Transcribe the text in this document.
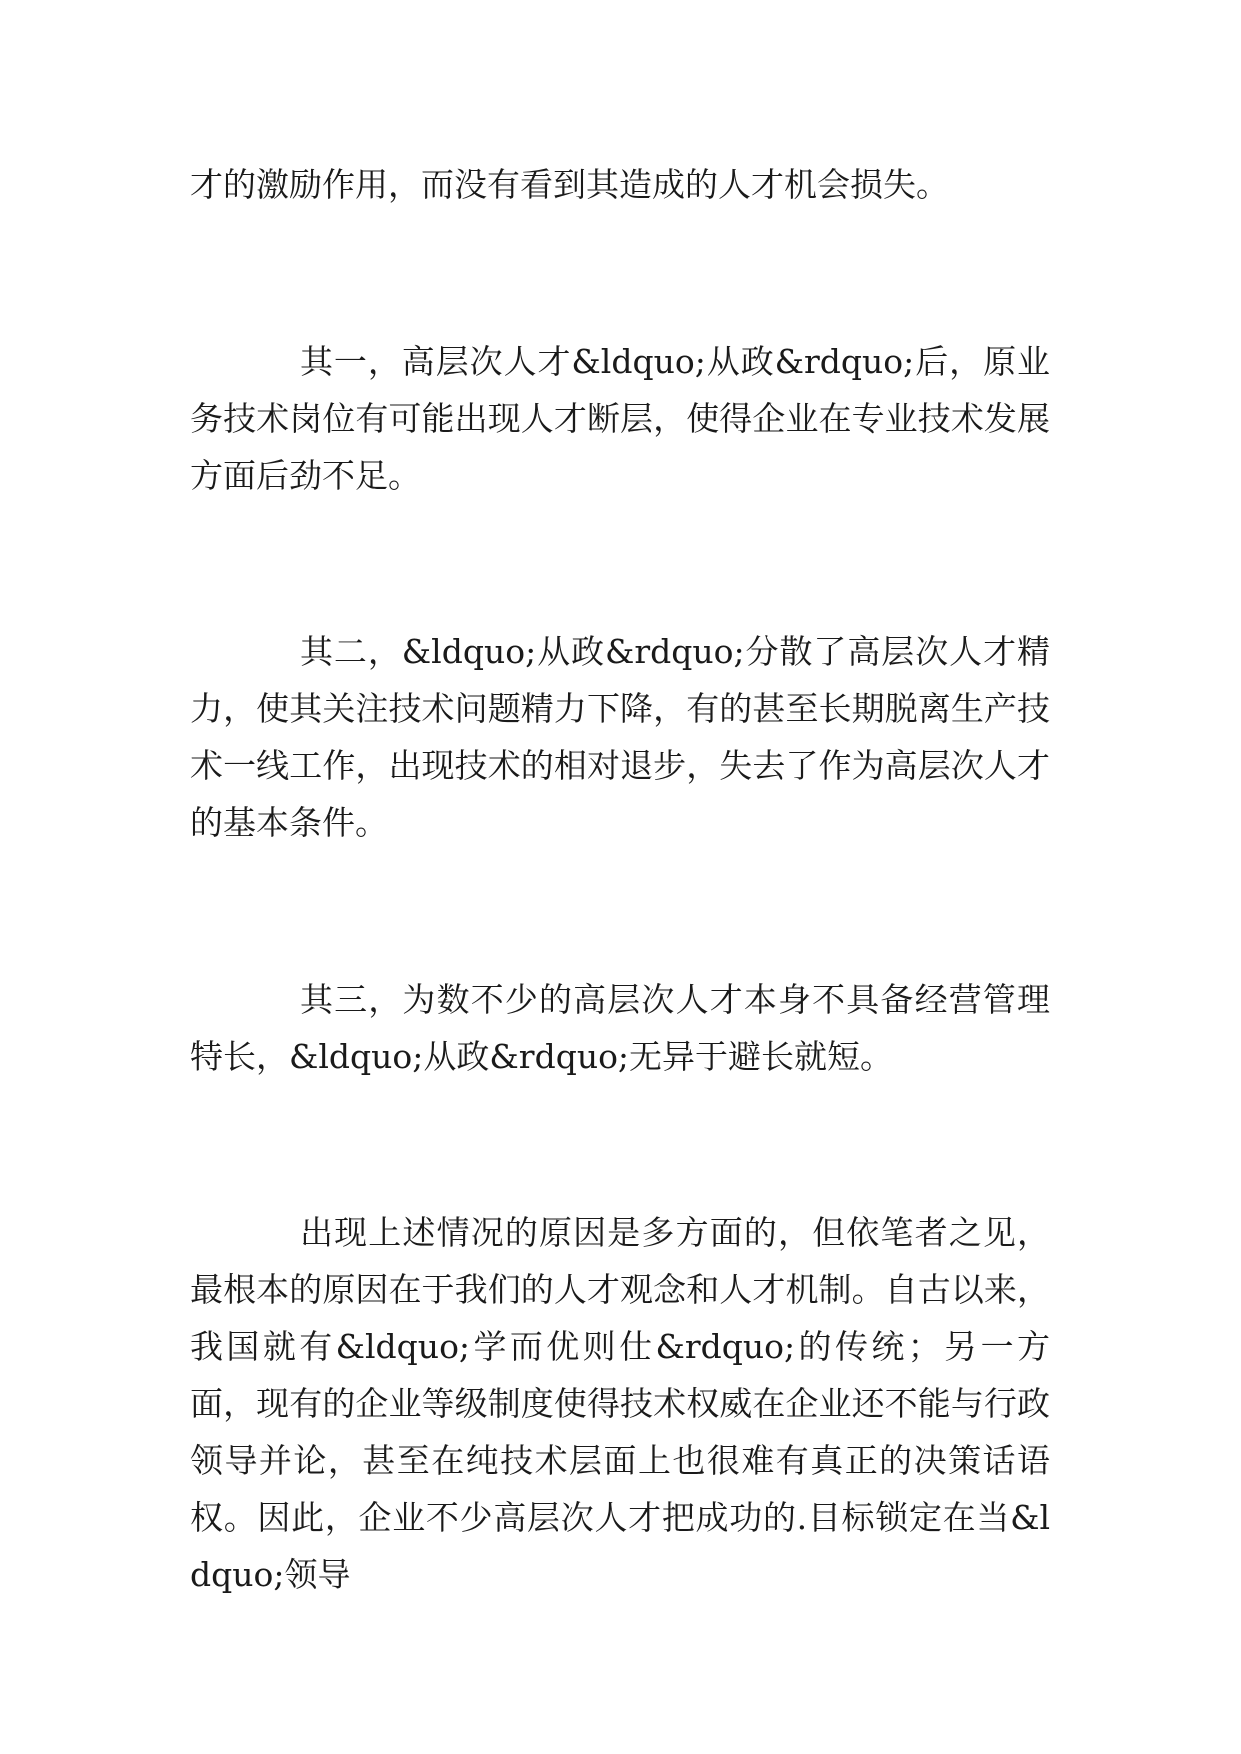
才的激励作用，而没有看到其造成的人才机会损失。

其一，高层次人才&ldquo;从政&rdquo;后，原业务技术岗位有可能出现人才断层，使得企业在专业技术发展方面后劲不足。

其二，&ldquo;从政&rdquo;分散了高层次人才精力，使其关注技术问题精力下降，有的甚至长期脱离生产技术一线工作，出现技术的相对退步，失去了作为高层次人才的基本条件。

其三，为数不少的高层次人才本身不具备经营管理特长，&ldquo;从政&rdquo;无异于避长就短。

出现上述情况的原因是多方面的，但依笔者之见，最根本的原因在于我们的人才观念和人才机制。自古以来，我国就有&ldquo;学而优则仕&rdquo;的传统；另一方面，现有的企业等级制度使得技术权威在企业还不能与行政领导并论，甚至在纯技术层面上也很难有真正的决策话语权。因此，企业不少高层次人才把成功的.目标锁定在当&ldquo;领导
